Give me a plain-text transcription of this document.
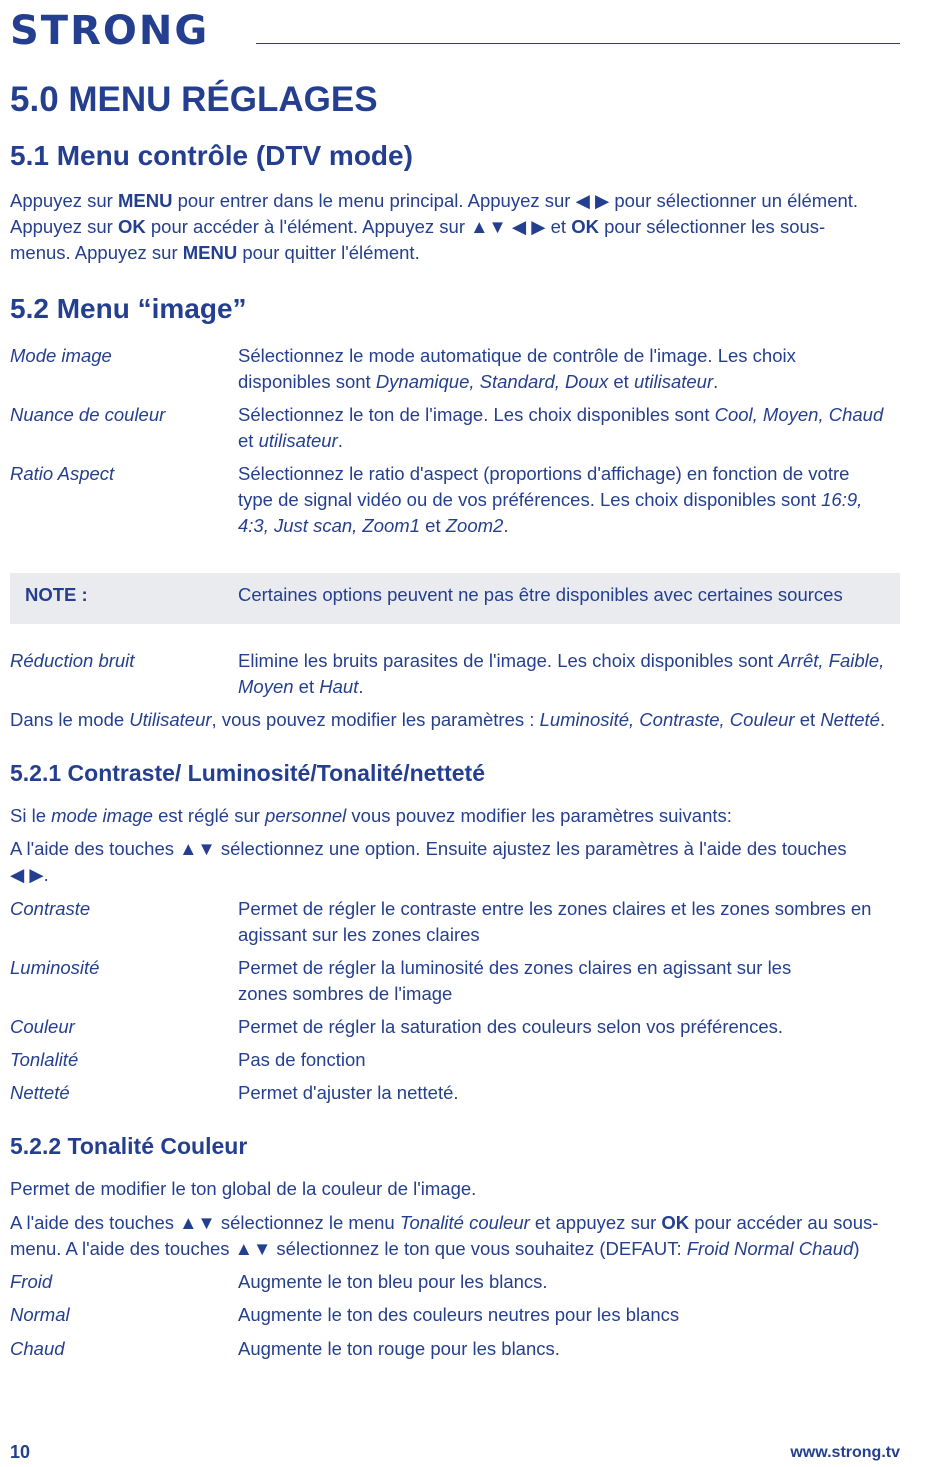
STRONG
5.0 MENU RÉGLAGES
5.1 Menu contrôle (DTV mode)
Appuyez sur MENU pour entrer dans le menu principal. Appuyez sur ◀ ▶ pour sélectionner un élément.
Appuyez sur OK pour accéder à l'élément. Appuyez sur ▲▼ ◀ ▶ et OK pour sélectionner les sous-
menus. Appuyez sur MENU pour quitter l'élément.
5.2 Menu “image”
Mode image	Sélectionnez le mode automatique de contrôle de l'image. Les choix
disponibles sont Dynamique, Standard, Doux et utilisateur.
Nuance de couleur	Sélectionnez le ton de l'image. Les choix disponibles sont Cool, Moyen, Chaud
et utilisateur.
Ratio Aspect	Sélectionnez le ratio d'aspect (proportions d'affichage) en fonction de votre
type de signal vidéo ou de vos préférences. Les choix disponibles sont 16:9,
4:3, Just scan, Zoom1 et Zoom2.
NOTE :	Certaines options peuvent ne pas être disponibles avec certaines sources
Réduction bruit	Elimine les bruits parasites de l'image. Les choix disponibles sont Arrêt, Faible,
Moyen et Haut.
Dans le mode Utilisateur, vous pouvez modifier les paramètres : Luminosité, Contraste, Couleur et Netteté.
5.2.1 Contraste/ Luminosité/Tonalité/netteté
Si le mode image est réglé sur personnel vous pouvez modifier les paramètres suivants:
A l'aide des touches ▲▼ sélectionnez une option. Ensuite ajustez les paramètres à l'aide des touches
◀ ▶.
Contraste	Permet de régler le contraste entre les zones claires et les zones sombres en
agissant sur les zones claires
Luminosité	Permet de régler la luminosité des zones claires en agissant sur les
zones sombres de l'image
Couleur	Permet de régler la saturation des couleurs selon vos préférences.
Tonlalité	Pas de fonction
Netteté	Permet d'ajuster la netteté.
5.2.2 Tonalité Couleur
Permet de modifier le ton global de la couleur de l'image.
A l'aide des touches ▲▼ sélectionnez le menu Tonalité couleur et appuyez sur OK pour accéder au sous-
menu. A l'aide des touches ▲▼ sélectionnez le ton que vous souhaitez (DEFAUT: Froid Normal Chaud)
Froid	Augmente le ton bleu pour les blancs.
Normal	Augmente le ton des couleurs neutres pour les blancs
Chaud	Augmente le ton rouge pour les blancs.
10	www.strong.tv
